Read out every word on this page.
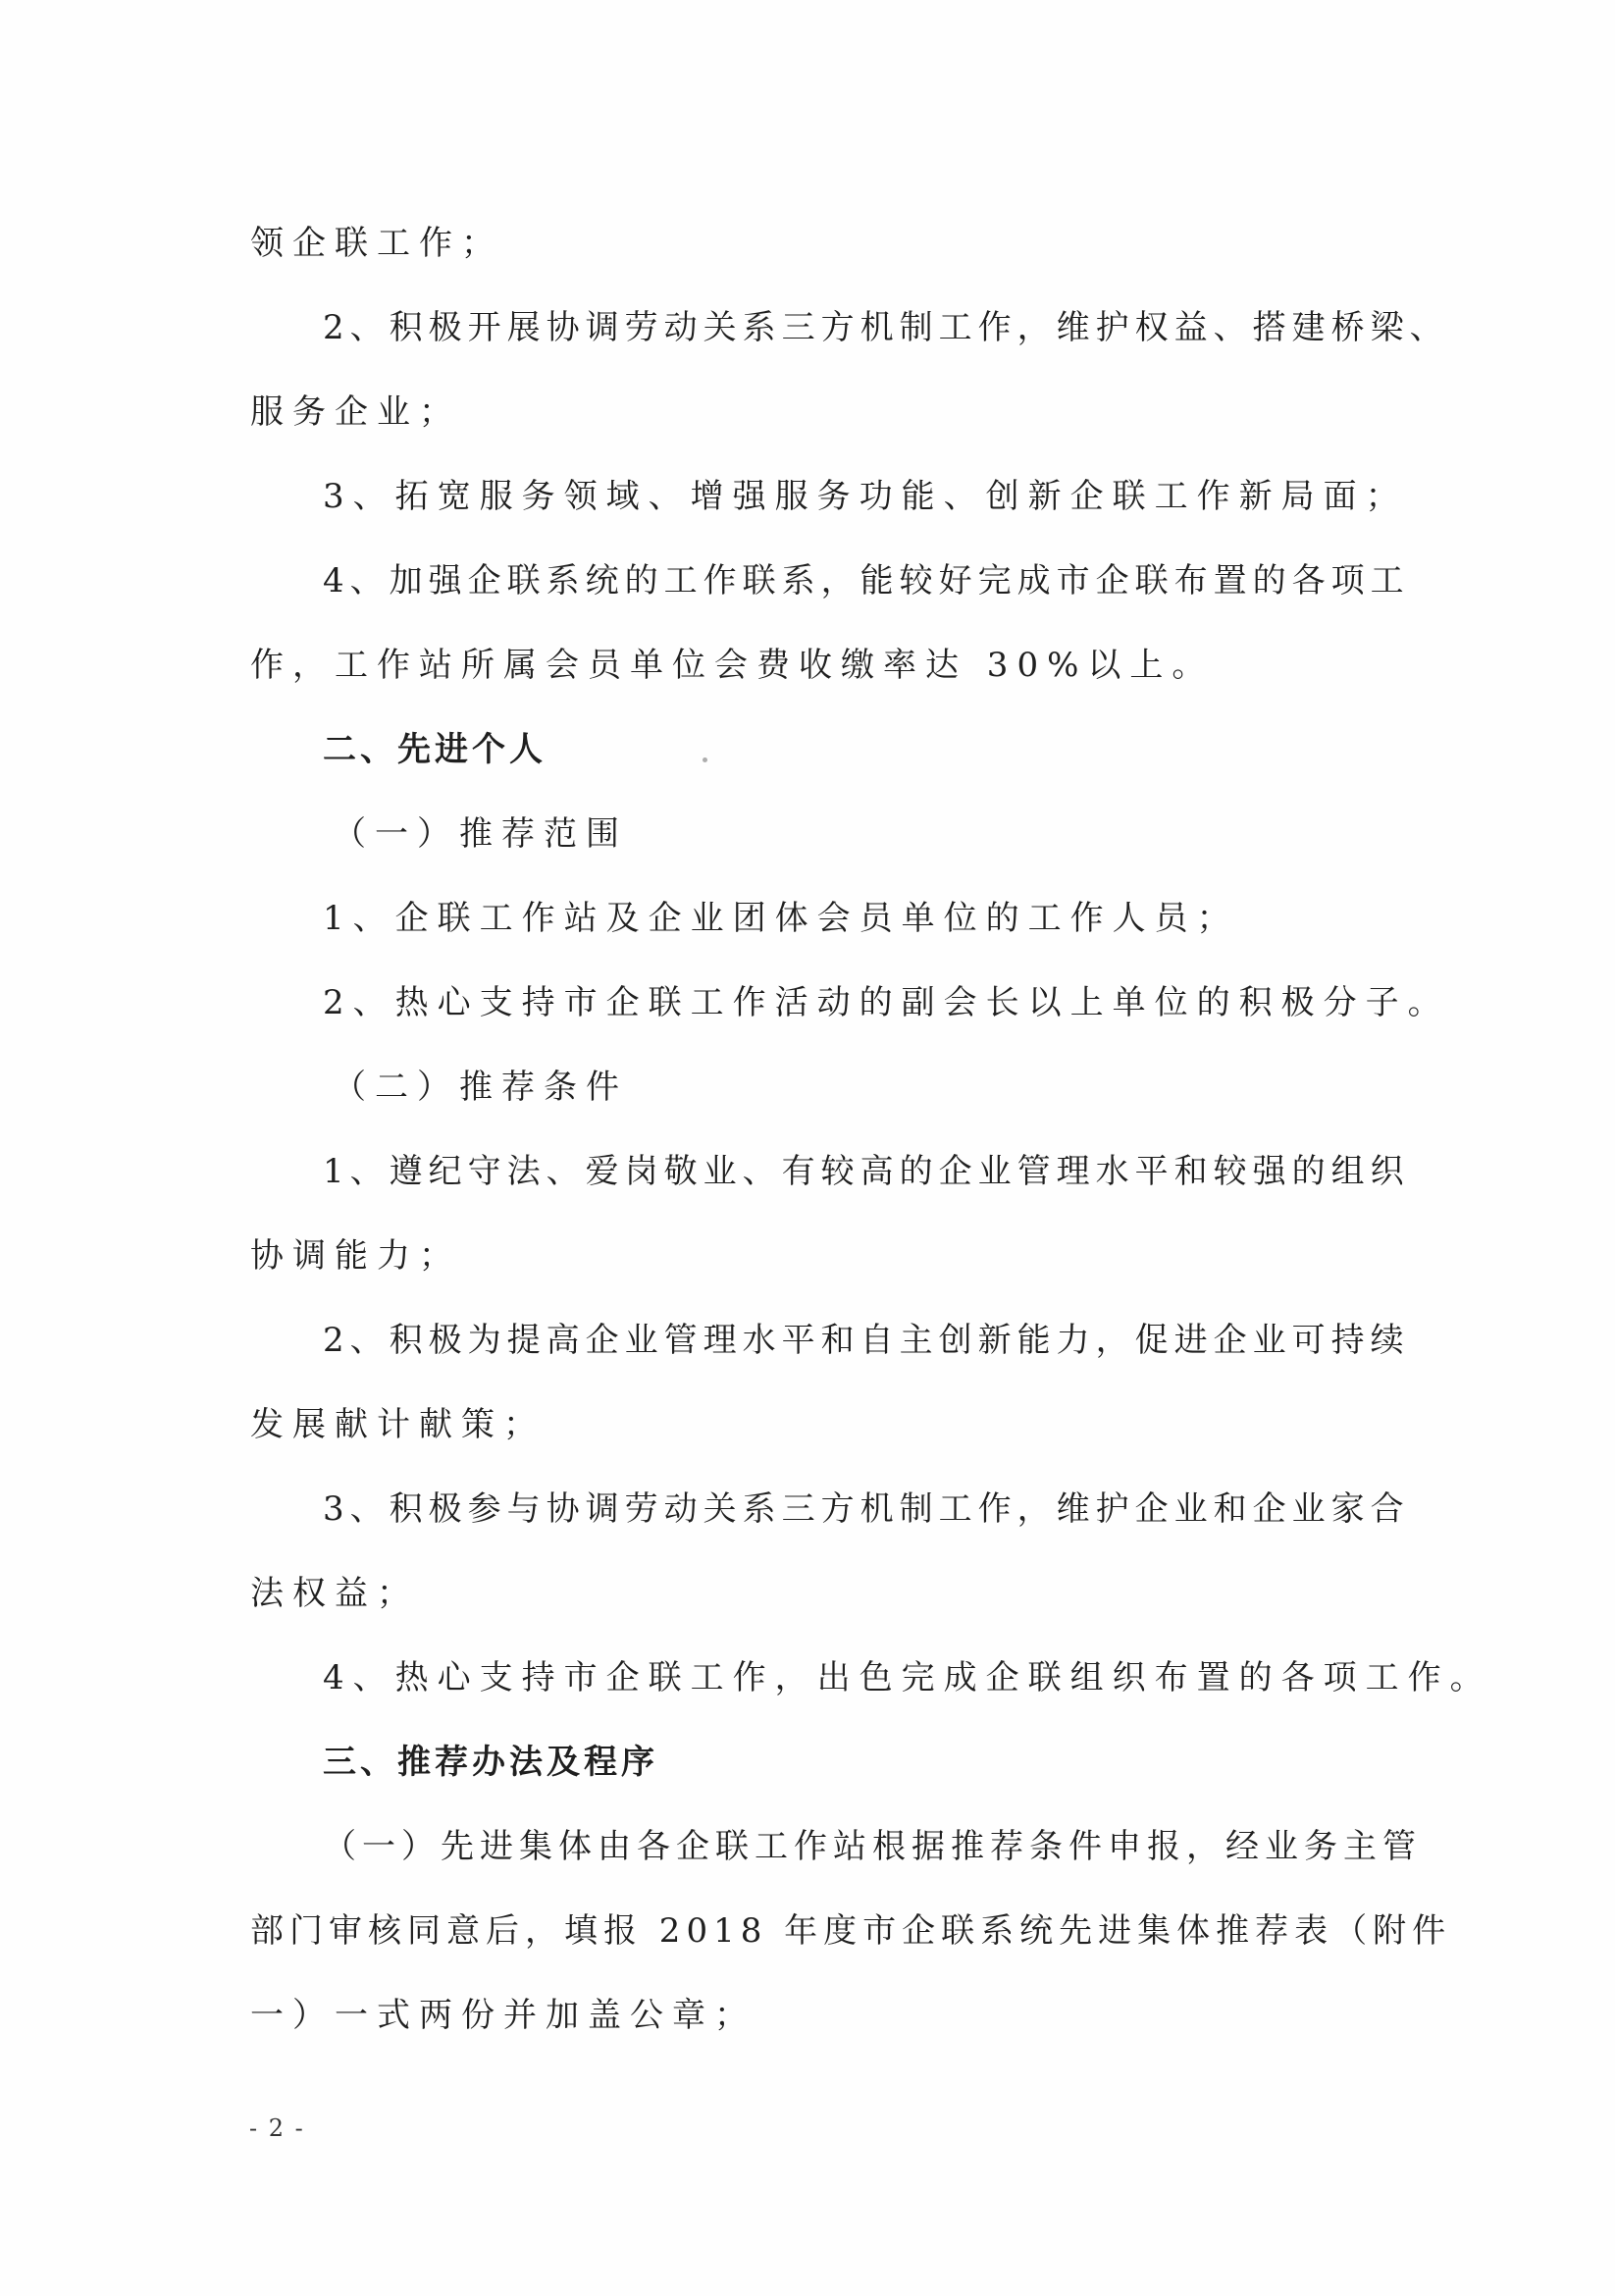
领企联工作；
2、积极开展协调劳动关系三方机制工作，维护权益、搭建桥梁、
服务企业；
3、拓宽服务领域、增强服务功能、创新企联工作新局面；
4、加强企联系统的工作联系，能较好完成市企联布置的各项工
作，工作站所属会员单位会费收缴率达 30%以上。
二、先进个人
（一）推荐范围
1、企联工作站及企业团体会员单位的工作人员；
2、热心支持市企联工作活动的副会长以上单位的积极分子。
（二）推荐条件
1、遵纪守法、爱岗敬业、有较高的企业管理水平和较强的组织
协调能力；
2、积极为提高企业管理水平和自主创新能力，促进企业可持续
发展献计献策；
3、积极参与协调劳动关系三方机制工作，维护企业和企业家合
法权益；
4、热心支持市企联工作，出色完成企联组织布置的各项工作。
三、推荐办法及程序
（一）先进集体由各企联工作站根据推荐条件申报，经业务主管
部门审核同意后，填报 2018 年度市企联系统先进集体推荐表（附件
一）一式两份并加盖公章；
- 2 -
